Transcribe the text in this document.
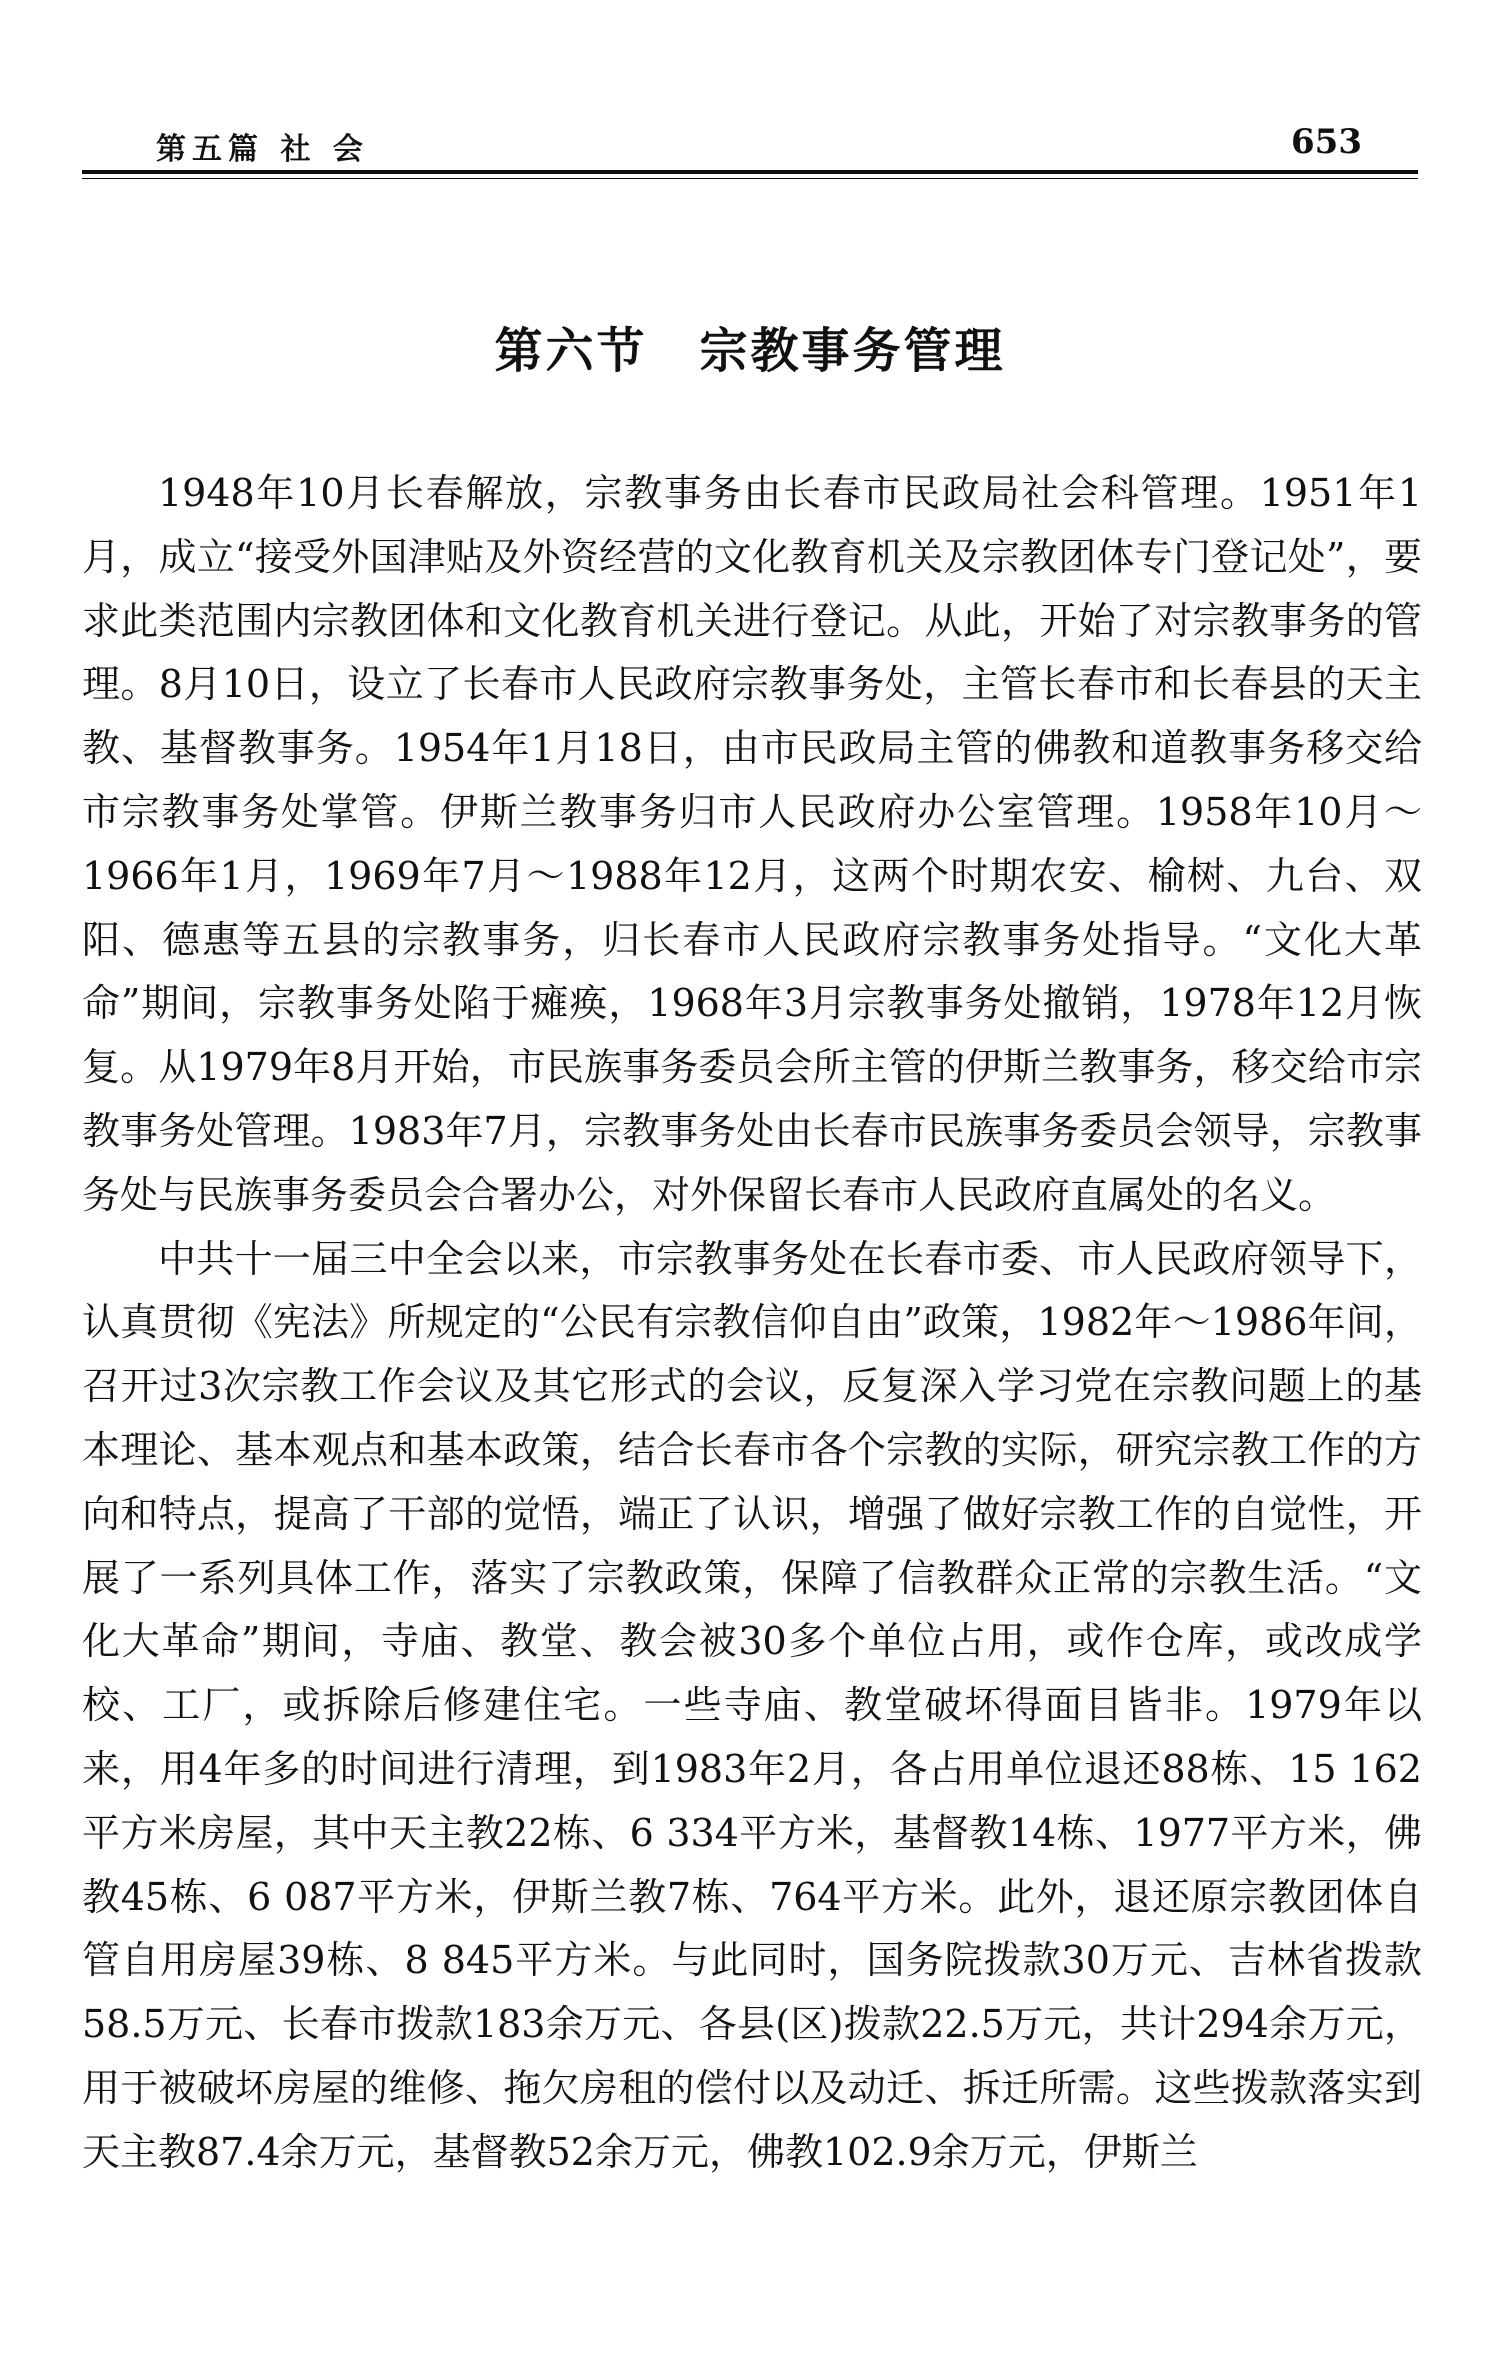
第五篇 社 会	653
第六节 宗教事务管理

1948年10月长春解放，宗教事务由长春市民政局社会科管理。1951年1月，成立“接受外国津贴及外资经营的文化教育机关及宗教团体专门登记处”，要求此类范围内宗教团体和文化教育机关进行登记。从此，开始了对宗教事务的管理。8月10日，设立了长春市人民政府宗教事务处，主管长春市和长春县的天主教、基督教事务。1954年1月18日，由市民政局主管的佛教和道教事务移交给市宗教事务处掌管。伊斯兰教事务归市人民政府办公室管理。1958年10月～1966年1月，1969年7月～1988年12月，这两个时期农安、榆树、九台、双阳、德惠等五县的宗教事务，归长春市人民政府宗教事务处指导。“文化大革命”期间，宗教事务处陷于瘫痪，1968年3月宗教事务处撤销，1978年12月恢复。从1979年8月开始，市民族事务委员会所主管的伊斯兰教事务，移交给市宗教事务处管理。1983年7月，宗教事务处由长春市民族事务委员会领导，宗教事务处与民族事务委员会合署办公，对外保留长春市人民政府直属处的名义。

中共十一届三中全会以来，市宗教事务处在长春市委、市人民政府领导下，认真贯彻《宪法》所规定的“公民有宗教信仰自由”政策，1982年～1986年间，召开过3次宗教工作会议及其它形式的会议，反复深入学习党在宗教问题上的基本理论、基本观点和基本政策，结合长春市各个宗教的实际，研究宗教工作的方向和特点，提高了干部的觉悟，端正了认识，增强了做好宗教工作的自觉性，开展了一系列具体工作，落实了宗教政策，保障了信教群众正常的宗教生活。“文化大革命”期间，寺庙、教堂、教会被30多个单位占用，或作仓库，或改成学校、工厂，或拆除后修建住宅。一些寺庙、教堂破坏得面目皆非。1979年以来，用4年多的时间进行清理，到1983年2月，各占用单位退还88栋、15 162平方米房屋，其中天主教22栋、6 334平方米，基督教14栋、1977平方米，佛教45栋、6 087平方米，伊斯兰教7栋、764平方米。此外，退还原宗教团体自管自用房屋39栋、8 845平方米。与此同时，国务院拨款30万元、吉林省拨款58.5万元、长春市拨款183余万元、各县(区)拨款22.5万元，共计294余万元，用于被破坏房屋的维修、拖欠房租的偿付以及动迁、拆迁所需。这些拨款落实到天主教87.4余万元，基督教52余万元，佛教102.9余万元，伊斯兰
